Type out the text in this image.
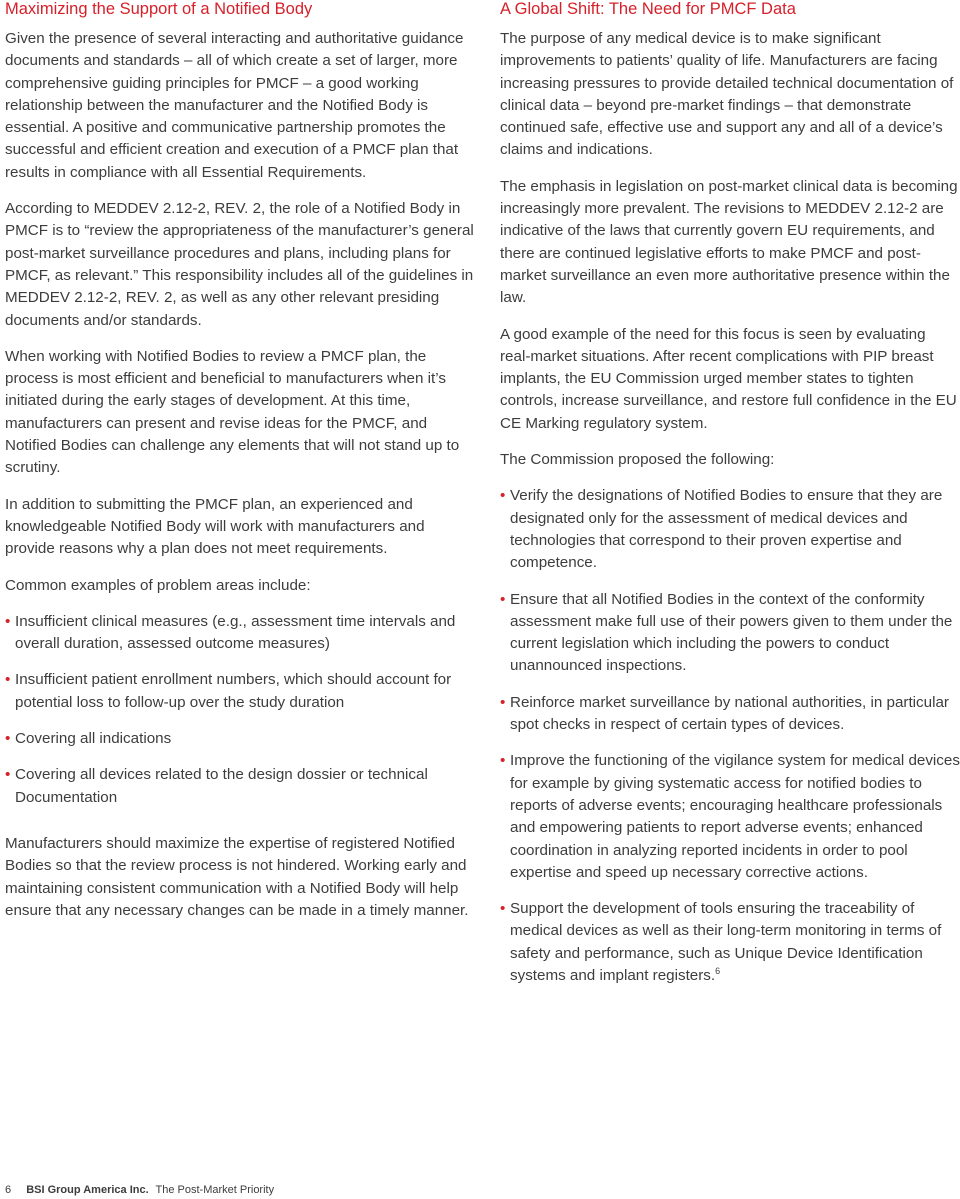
Maximizing the Support of a Notified Body

Given the presence of several interacting and authoritative guidance documents and standards – all of which create a set of larger, more comprehensive guiding principles for PMCF – a good working relationship between the manufacturer and the Notified Body is essential. A positive and communicative partnership promotes the successful and efficient creation and execution of a PMCF plan that results in compliance with all Essential Requirements.

According to MEDDEV 2.12-2, REV. 2, the role of a Notified Body in PMCF is to “review the appropriateness of the manufacturer’s general post-market surveillance procedures and plans, including plans for PMCF, as relevant.” This responsibility includes all of the guidelines in MEDDEV 2.12-2, REV. 2, as well as any other relevant presiding documents and/or standards.

When working with Notified Bodies to review a PMCF plan, the process is most efficient and beneficial to manufacturers when it’s initiated during the early stages of development. At this time, manufacturers can present and revise ideas for the PMCF, and Notified Bodies can challenge any elements that will not stand up to scrutiny.

In addition to submitting the PMCF plan, an experienced and knowledgeable Notified Body will work with manufacturers and provide reasons why a plan does not meet requirements.

Common examples of problem areas include:

• Insufficient clinical measures (e.g., assessment time intervals and overall duration, assessed outcome measures)
• Insufficient patient enrollment numbers, which should account for potential loss to follow-up over the study duration
• Covering all indications
• Covering all devices related to the design dossier or technical Documentation

Manufacturers should maximize the expertise of registered Notified Bodies so that the review process is not hindered. Working early and maintaining consistent communication with a Notified Body will help ensure that any necessary changes can be made in a timely manner.

A Global Shift: The Need for PMCF Data

The purpose of any medical device is to make significant improvements to patients’ quality of life. Manufacturers are facing increasing pressures to provide detailed technical documentation of clinical data – beyond pre-market findings – that demonstrate continued safe, effective use and support any and all of a device’s claims and indications.

The emphasis in legislation on post-market clinical data is becoming increasingly more prevalent. The revisions to MEDDEV 2.12-2 are indicative of the laws that currently govern EU requirements, and there are continued legislative efforts to make PMCF and post-market surveillance an even more authoritative presence within the law.

A good example of the need for this focus is seen by evaluating real-market situations. After recent complications with PIP breast implants, the EU Commission urged member states to tighten controls, increase surveillance, and restore full confidence in the EU CE Marking regulatory system.

The Commission proposed the following:

• Verify the designations of Notified Bodies to ensure that they are designated only for the assessment of medical devices and technologies that correspond to their proven expertise and competence.
• Ensure that all Notified Bodies in the context of the conformity assessment make full use of their powers given to them under the current legislation which including the powers to conduct unannounced inspections.
• Reinforce market surveillance by national authorities, in particular spot checks in respect of certain types of devices.
• Improve the functioning of the vigilance system for medical devices for example by giving systematic access for notified bodies to reports of adverse events; encouraging healthcare professionals and empowering patients to report adverse events; enhanced coordination in analyzing reported incidents in order to pool expertise and speed up necessary corrective actions.
• Support the development of tools ensuring the traceability of medical devices as well as their long-term monitoring in terms of safety and performance, such as Unique Device Identification systems and implant registers.$^6$
6 BSI Group America Inc. The Post-Market Priority
